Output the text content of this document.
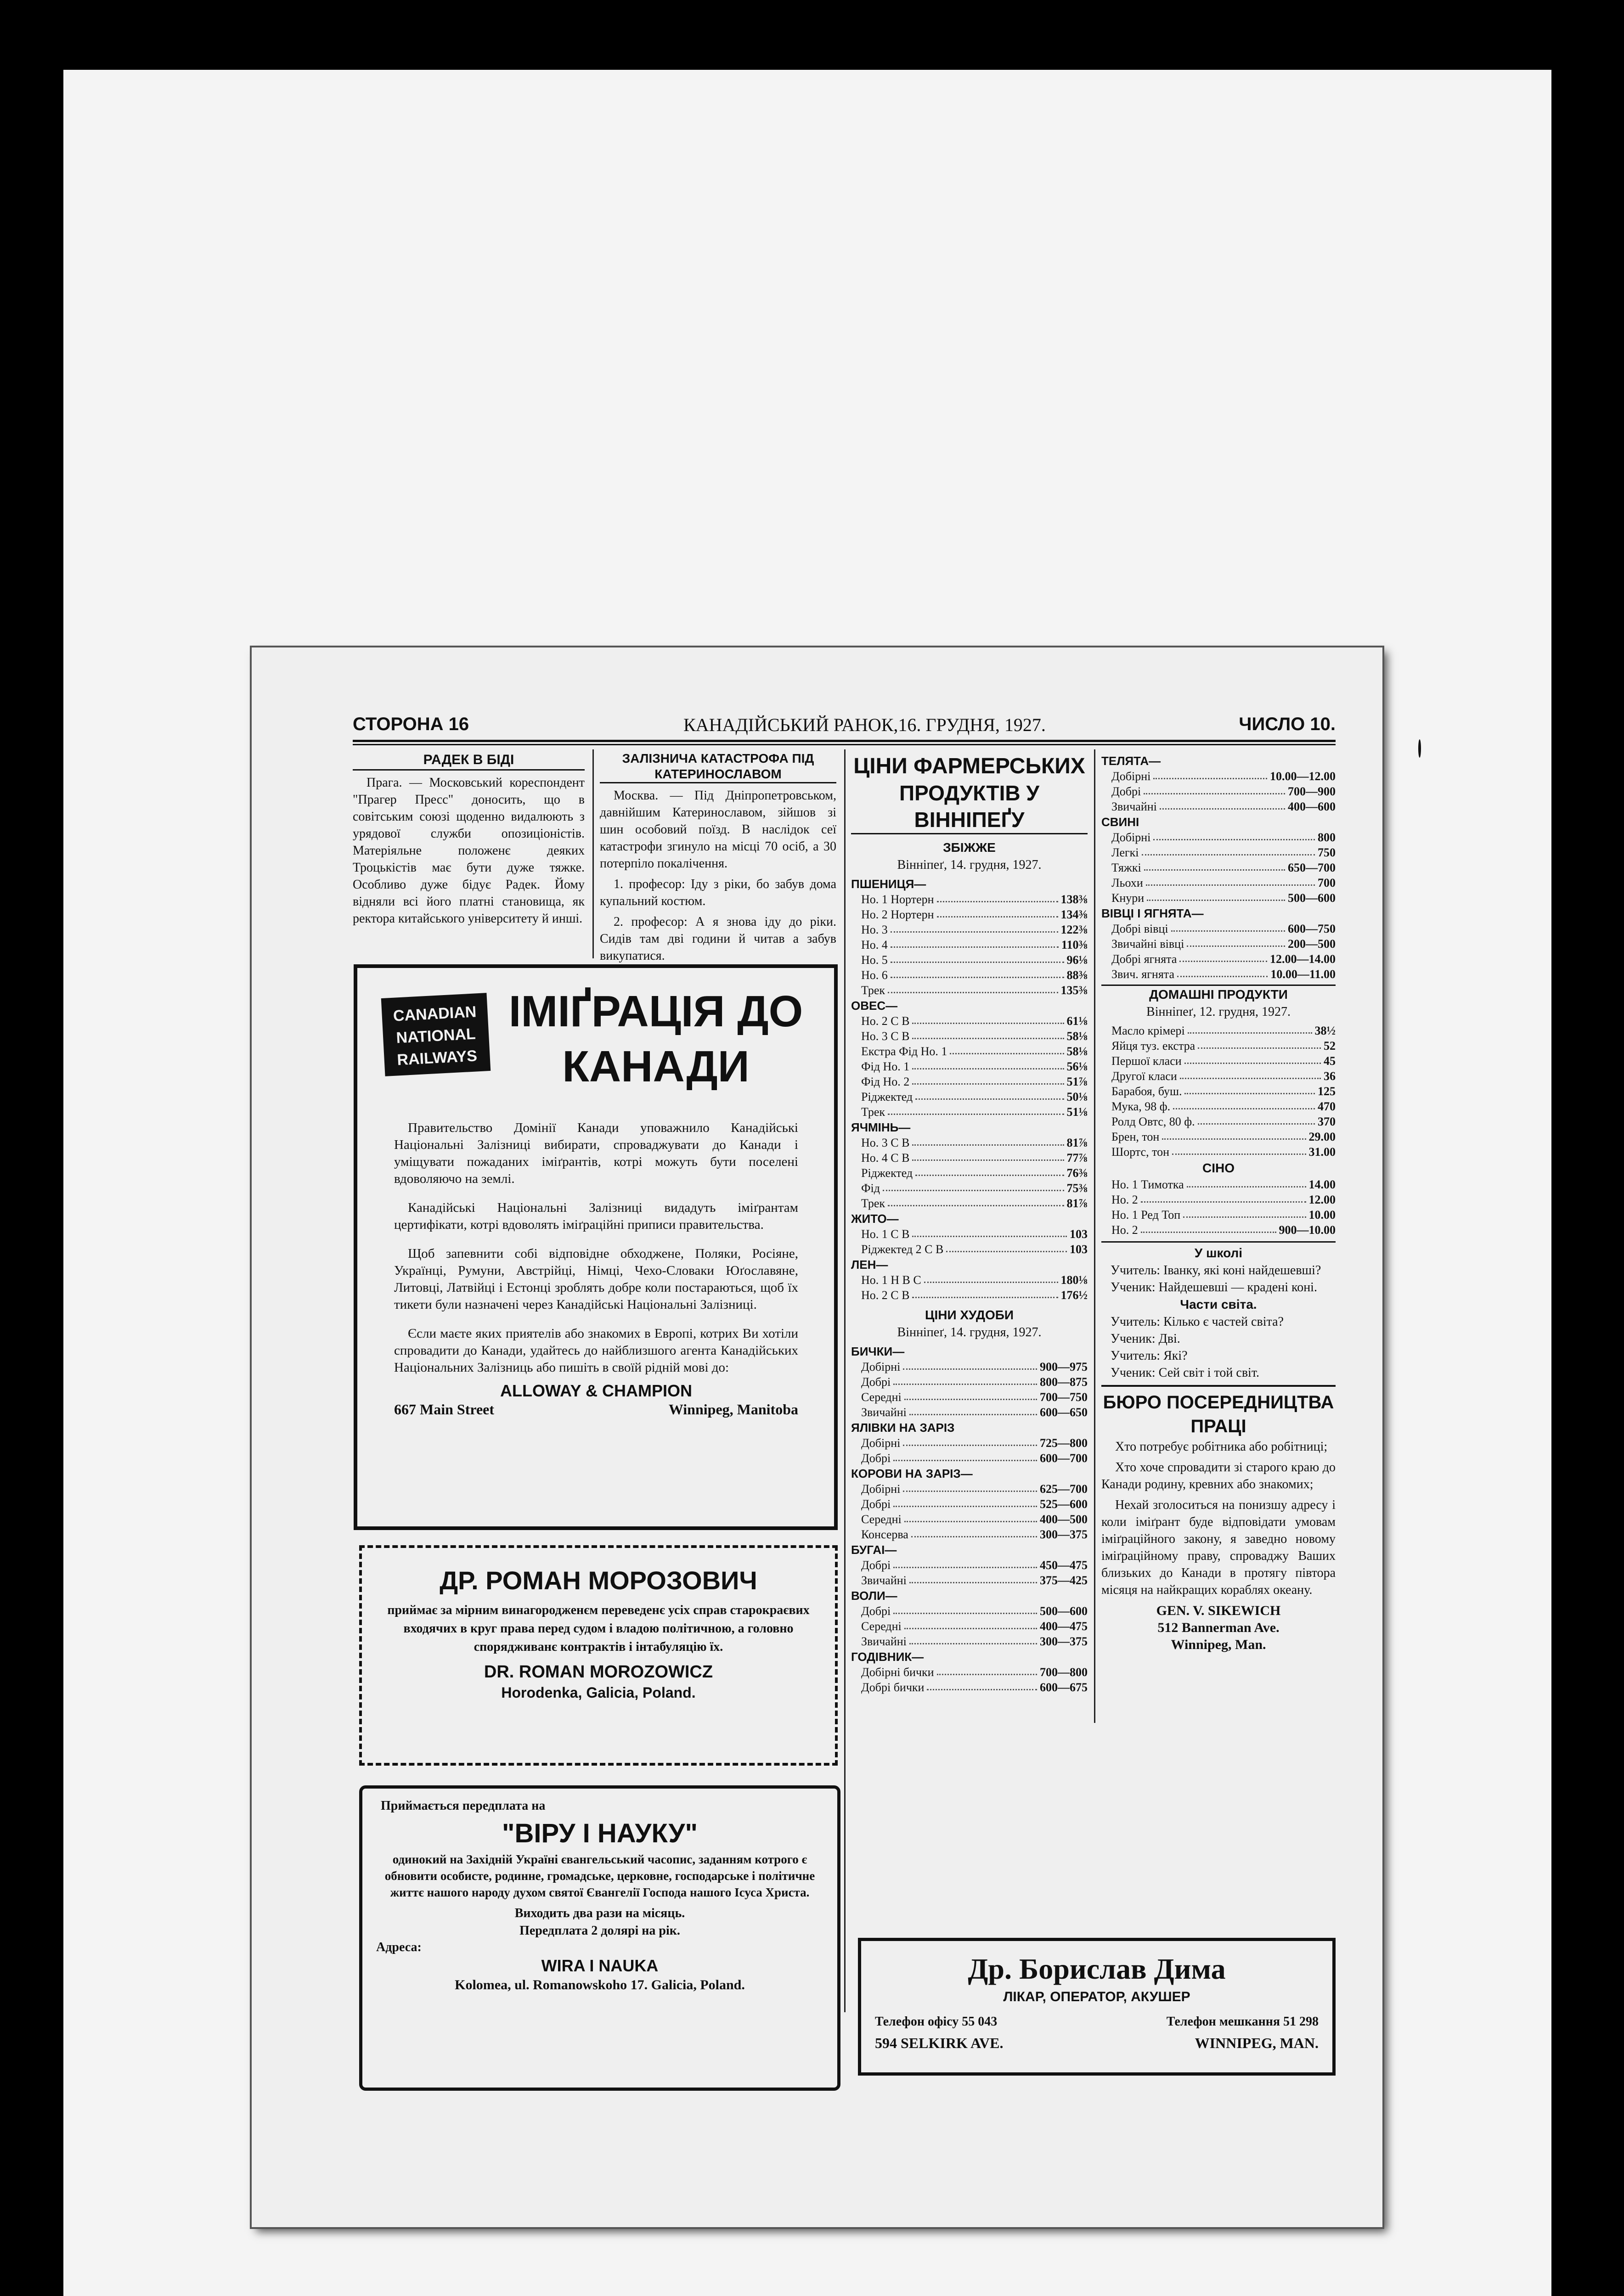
СТОРОНА 16	КАНАДІЙСЬКИЙ РАНОК,16. ГРУДНЯ, 1927.	ЧИСЛО 10.
РАДЕК В БІДІ

Прага. — Московський кореспондент "Прагер Пресс" доносить, що в совітським союзі щоденно видалюють з урядової служби опозиціоністів. Матеріяльне положенє деяких Троцькістів має бути дуже тяжке. Особливо дуже бідує Радек. Йому відняли всі його платні становища, як ректора китайського університету й инші.

ЗАЛІЗНИЧА КАТАСТРОФА ПІД КАТЕРИНОСЛАВОМ

Москва. — Під Дніпропетровськом, давнійшим Катеринославом, зійшов зі шин особовий поїзд. В наслідок сеї катастрофи згинуло на місці 70 осіб, а 30 потерпіло покалічення.

1. професор: Іду з ріки, бо забув дома купальний костюм.

2. професор: А я знова іду до ріки. Сидів там дві години й читав а забув викупатися.

CANADIAN
NATIONAL
RAILWAYS
ІМІҐРАЦІЯ ДО
КАНАДИ

Правительство Домінії Канади уповажнило Канадійські Національні Залізниці вибирати, спроваджувати до Канади і уміщувати пожаданих іміґрантів, котрі можуть бути поселені вдоволяючо на землі.

Канадійські Національні Залізниці видадуть іміґрантам цертифікати, котрі вдоволять іміґраційні приписи правительства.

Щоб запевнити собі відповідне обходжене, Поляки, Росіяне, Українці, Румуни, Австрійці, Німці, Чехо-Словаки Юґославяне, Литовці, Латвійці і Естонці зроблять добре коли постараються, щоб їх тикети були назначені через Канадійські Національні Залізниці.

Єсли маєте яких приятелів або знакомих в Европі, котрих Ви хотіли спровадити до Канади, удайтесь до найблизшого агента Канадійських Національних Залізниць або пишіть в своїй рідній мові до:

ALLOWAY & CHAMPION
667 Main Street	Winnipeg, Manitoba
ДР. РОМАН МОРОЗОВИЧ
приймає за мірним винагородженєм переведенє усіх справ старокраєвих входячих в круг права перед судом і владою політичною, а головно спорядживанє контрактів і інтабуляцію їх.
DR. ROMAN MOROZOWICZ
Horodenka, Galicia, Poland.
Приймається передплата на
"ВІРУ І НАУКУ"
одинокий на Західній Україні євангельський часопис, заданням котрого є обновити особисте, родинне, громадське, церковне, господарське і політичне життє нашого народу духом святої Євангелії Господа нашого Ісуса Христа.
Виходить два рази на місяць.
Передплата 2 долярі на рік.
Адреса:
WIRA I NAUKA
Kolomea, ul. Romanowskoho 17. Galicia, Poland.
ЦІНИ ФАРМЕРСЬКИХ
ПРОДУКТІВ У ВІННІПЕҐУ
ЗБІЖЖЕ
Вінніпеґ, 14. грудня, 1927.
ПШЕНИЦЯ—
Но. 1 Нортерн	138⅜
Но. 2 Нортерн	134⅜
Но. 3	122⅜
Но. 4	110⅜
Но. 5	96⅛
Но. 6	88⅜
Трек	135⅜
ОВЕС—
Но. 2 С В	61⅛
Но. 3 С В	58⅛
Екстра Фід Но. 1	58⅛
Фід Но. 1	56⅛
Фід Но. 2	51⅞
Ріджектед	50⅛
Трек	51⅛
ЯЧМІНЬ—
Но. 3 С В	81⅞
Но. 4 С В	77⅞
Ріджектед	76⅜
Фід	75⅜
Трек	81⅞
ЖИТО—
Но. 1 С В	103
Ріджектед 2 С В	103
ЛЕН—
Но. 1 Н В С	180⅛
Но. 2 С В	176½
ЦІНИ ХУДОБИ
Вінніпеґ, 14. грудня, 1927.
БИЧКИ—
Добірні	900—975
Добрі	800—875
Середні	700—750
Звичайні	600—650
ЯЛІВКИ НА ЗАРІЗ
Добірні	725—800
Добрі	600—700
КОРОВИ НА ЗАРІЗ—
Добірні	625—700
Добрі	525—600
Середні	400—500
Консерва	300—375
БУГАІ—
Добрі	450—475
Звичайні	375—425
ВОЛИ—
Добрі	500—600
Середні	400—475
Звичайні	300—375
ГОДІВНИК—
Добірні бички	700—800
Добрі бички	600—675
ТЕЛЯТА—
Добірні	10.00—12.00
Добрі	700—900
Звичайні	400—600
СВИНІ
Добірні	800
Легкі	750
Тяжкі	650—700
Льохи	700
Кнури	500—600
ВІВЦІ І ЯГНЯТА—
Добрі вівці	600—750
Звичайні вівці	200—500
Добрі ягнята	12.00—14.00
Звич. ягнята	10.00—11.00
ДОМАШНІ ПРОДУКТИ
Вінніпеґ, 12. грудня, 1927.
Масло крімері	38½
Яйця туз. екстра	52
Першої класи	45
Другої класи	36
Барабоя, буш.	125
Мука, 98 ф.	470
Ролд Овтс, 80 ф.	370
Брен, тон	29.00
Шортс, тон	31.00
СІНО
Но. 1 Тимотка	14.00
Но. 2	12.00
Но. 1 Ред Топ	10.00
Но. 2	900—10.00
У школі
Учитель: Іванку, які коні найдешевші?
Ученик: Найдешевші — краденi коні.
Части світа.
Учитель: Кілько є частей світа?
Ученик: Дві.
Учитель: Які?
Ученик: Сей світ і той світ.
БЮРО ПОСЕРЕДНИЦТВА ПРАЦІ

Хто потребує робітника або робітниці;

Хто хоче спровадити зі старого краю до Канади родину, кревних або знакомих;

Нехай зголоситься на понизшу адресу і коли іміґрант буде відповідати умовам іміґраційного закону, я заведно новому іміґраційному праву, спроваджу Ваших близьких до Канади в протягу півтора місяця на найкращих кораблях океану.

GEN. V. SIKEWICH
512 Bannerman Ave.
Winnipeg, Man.
Др. Борислав Дима
ЛІКАР, ОПЕРАТОР, АКУШЕР
Телефон офісу 55 043	Телефон мешкання 51 298
594 SELKIRK AVE.	WINNIPEG, MAN.
